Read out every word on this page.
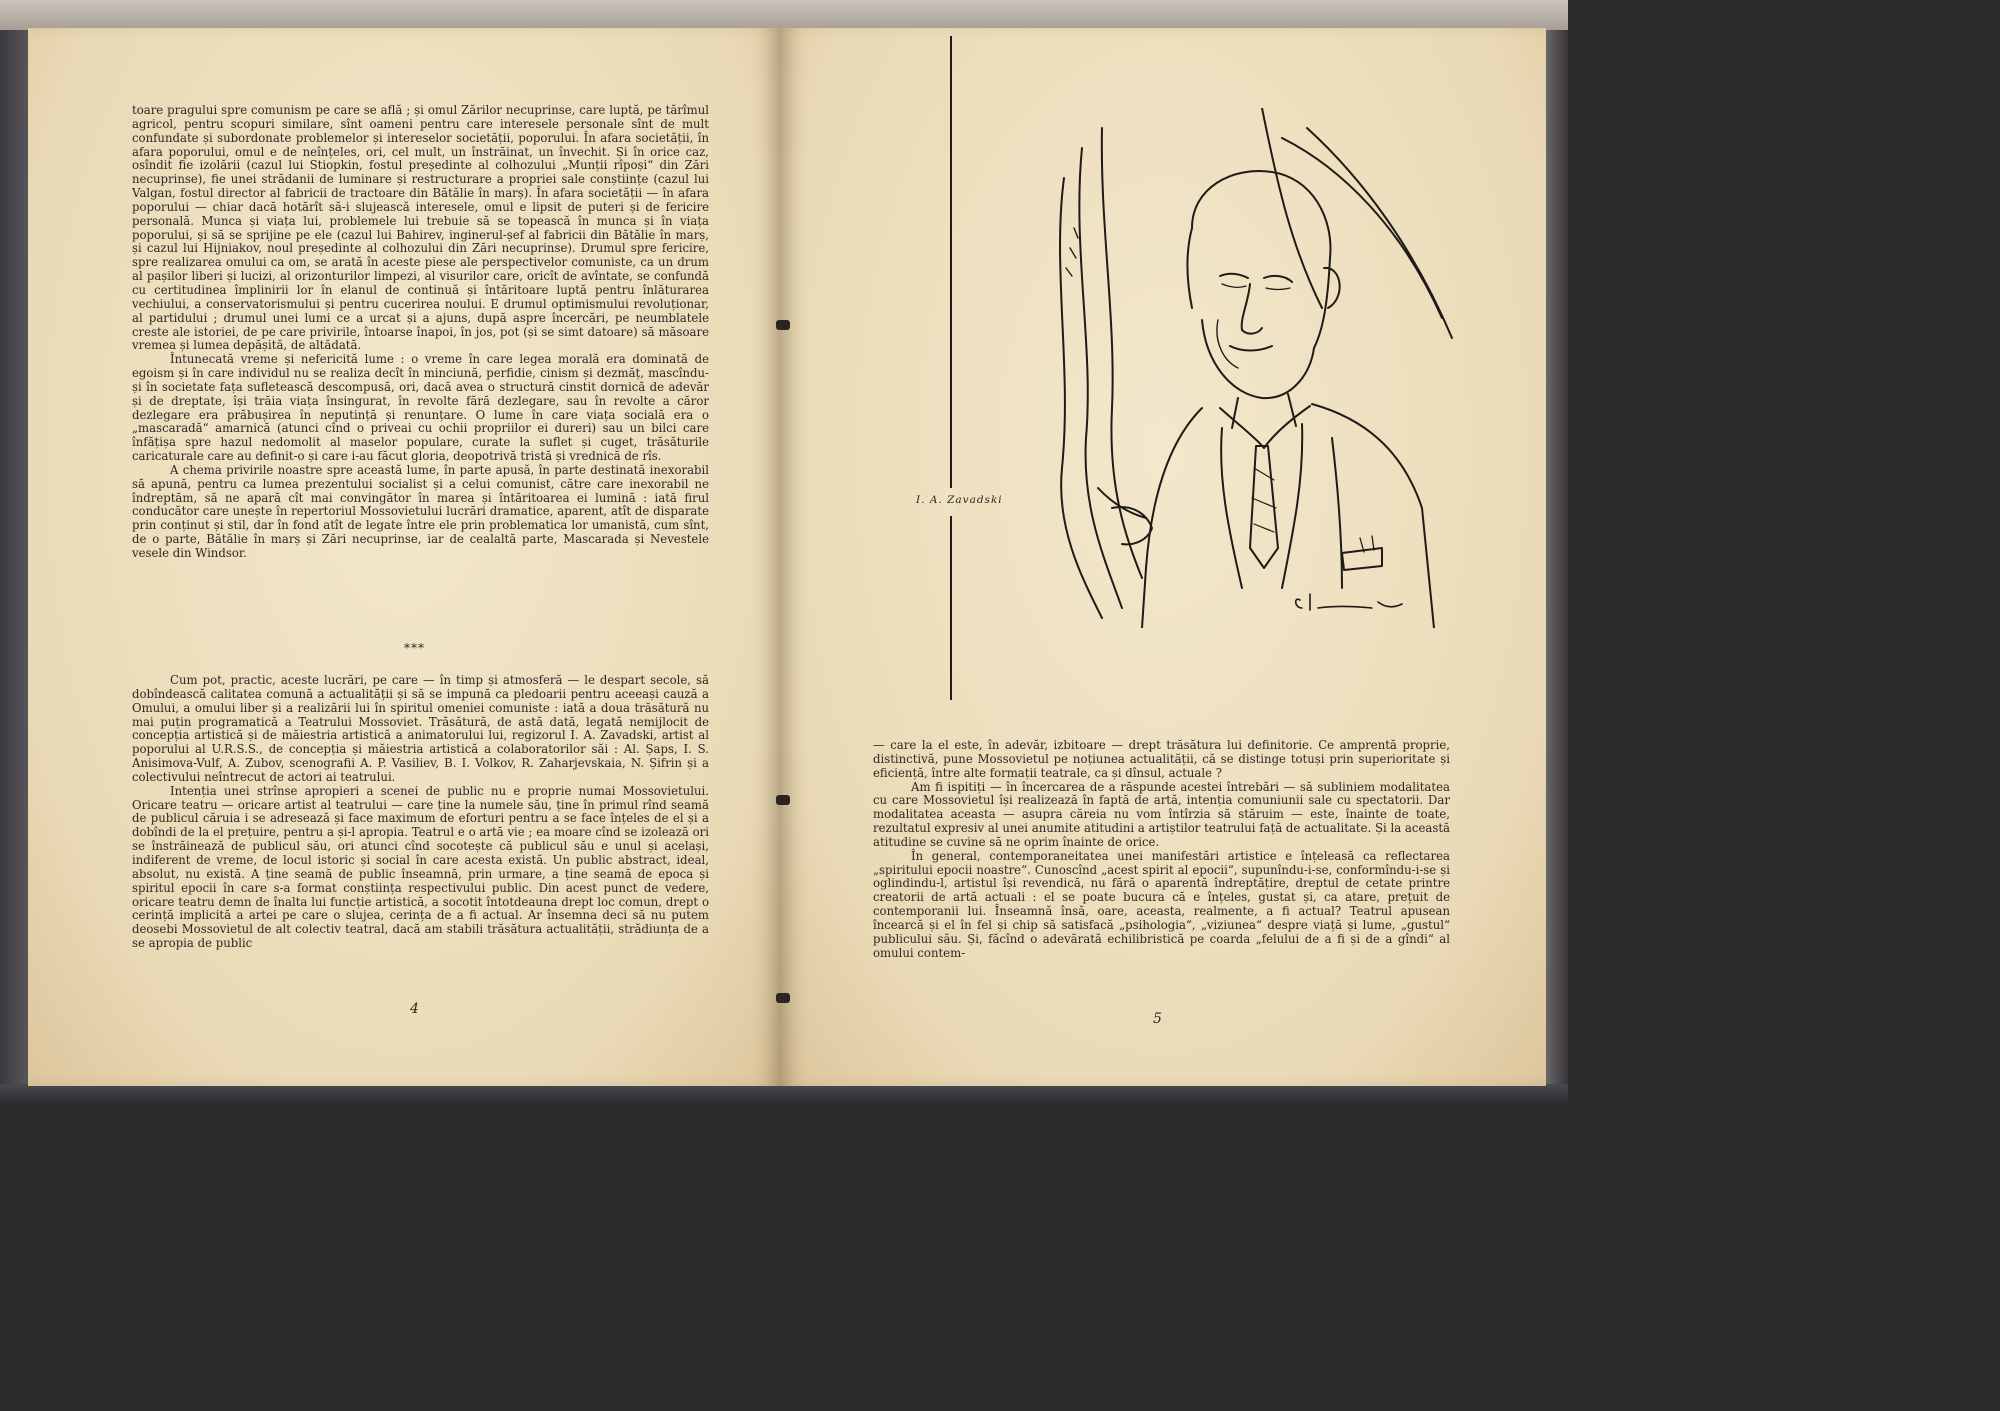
toare pragului spre comunism pe care se află ; și omul Zărilor necuprinse, care luptă, pe tărîmul agricol, pentru scopuri similare, sînt oameni pentru care interesele personale sînt de mult confundate și subordonate problemelor și intereselor societății, poporului. În afara societății, în afara poporului, omul e de neînțeles, ori, cel mult, un înstrăinat, un învechit. Și în orice caz, osîndit fie izolării (cazul lui Stiopkin, fostul președinte al colhozului „Munții rîpoși“ din Zări necuprinse), fie unei strădanii de luminare și restructurare a propriei sale conștiințe (cazul lui Valgan, fostul director al fabricii de tractoare din Bătălie în marș). În afara societății — în afara poporului — chiar dacă hotărît să-i slujească interesele, omul e lipsit de puteri și de fericire personală. Munca și viața lui, problemele lui trebuie să se topească în munca și în viața poporului, și să se sprijine pe ele (cazul lui Bahirev, inginerul-șef al fabricii din Bătălie în marș, și cazul lui Hijniakov, noul președinte al colhozului din Zări necuprinse). Drumul spre fericire, spre realizarea omului ca om, se arată în aceste piese ale perspectivelor comuniste, ca un drum al pașilor liberi și lucizi, al orizonturilor limpezi, al visurilor care, oricît de avîntate, se confundă cu certitudinea împlinirii lor în elanul de continuă și întăritoare luptă pentru înlăturarea vechiului, a conservatorismului și pentru cucerirea noului. E drumul optimismului revoluționar, al partidului ; drumul unei lumi ce a urcat și a ajuns, după aspre încercări, pe neumblatele creste ale istoriei, de pe care privirile, întoarse înapoi, în jos, pot (și se simt datoare) să măsoare vremea și lumea depășită, de altădată.

Întunecată vreme și nefericită lume : o vreme în care legea morală era dominată de egoism și în care individul nu se realiza decît în minciună, perfidie, cinism și dezmăț, mascîndu-și în societate fața sufletească descompusă, ori, dacă avea o structură cinstit dornică de adevăr și de dreptate, își trăia viața însingurat, în revolte fără dezlegare, sau în revolte a căror dezlegare era prăbușirea în neputință și renunțare. O lume în care viața socială era o „mascaradă“ amarnică (atunci cînd o priveai cu ochii propriilor ei dureri) sau un bilci care înfățișa spre hazul nedomolit al maselor populare, curate la suflet și cuget, trăsăturile caricaturale care au definit-o și care i-au făcut gloria, deopotrivă tristă și vrednică de rîs.

A chema privirile noastre spre această lume, în parte apusă, în parte destinată inexorabil să apună, pentru ca lumea prezentului socialist și a celui comunist, către care inexorabil ne îndreptăm, să ne apară cît mai convingător în marea și întăritoarea ei lumină : iată firul conducător care unește în repertoriul Mossovietului lucrări dramatice, aparent, atît de disparate prin conținut și stil, dar în fond atît de legate între ele prin problematica lor umanistă, cum sînt, de o parte, Bătălie în marș și Zări necuprinse, iar de cealaltă parte, Mascarada și Nevestele vesele din Windsor.

***

Cum pot, practic, aceste lucrări, pe care — în timp și atmosferă — le despart secole, să dobîndească calitatea comună a actualității și să se impună ca pledoarii pentru aceeași cauză a Omului, a omului liber și a realizării lui în spiritul omeniei comuniste : iată a doua trăsătură nu mai puțin programatică a Teatrului Mossoviet. Trăsătură, de astă dată, legată nemijlocit de concepția artistică și de măiestria artistică a animatorului lui, regizorul I. A. Zavadski, artist al poporului al U.R.S.S., de concepția și măiestria artistică a colaboratorilor săi : Al. Șaps, I. S. Anisimova-Vulf, A. Zubov, scenografii A. P. Vasiliev, B. I. Volkov, R. Zaharjevskaia, N. Șifrin și a colectivului neîntrecut de actori ai teatrului.

Intenția unei strînse apropieri a scenei de public nu e proprie numai Mossovietului. Oricare teatru — oricare artist al teatrului — care ține la numele său, ține în primul rînd seamă de publicul căruia i se adresează și face maximum de eforturi pentru a se face înțeles de el și a dobîndi de la el prețuire, pentru a și-l apropia. Teatrul e o artă vie ; ea moare cînd se izolează ori se înstrăinează de publicul său, ori atunci cînd socotește că publicul său e unul și același, indiferent de vreme, de locul istoric și social în care acesta există. Un public abstract, ideal, absolut, nu există. A ține seamă de public înseamnă, prin urmare, a ține seamă de epoca și spiritul epocii în care s-a format conștiința respectivului public. Din acest punct de vedere, oricare teatru demn de înalta lui funcție artistică, a socotit întotdeauna drept loc comun, drept o cerință implicită a artei pe care o slujea, cerința de a fi actual. Ar însemna deci să nu putem deosebi Mossovietul de alt colectiv teatral, dacă am stabili trăsătura actualității, strădiunța de a se apropia de public

4
I. A. Zavadski

— care la el este, în adevăr, izbitoare — drept trăsătura lui definitorie. Ce amprentă proprie, distinctivă, pune Mossovietul pe noțiunea actualității, că se distinge totuși prin superioritate și eficiență, între alte formații teatrale, ca și dînsul, actuale ?

Am fi ispitiți — în încercarea de a răspunde acestei întrebări — să subliniem modalitatea cu care Mossovietul își realizează în faptă de artă, intenția comuniunii sale cu spectatorii. Dar modalitatea aceasta — asupra căreia nu vom întîrzia să stăruim — este, înainte de toate, rezultatul expresiv al unei anumite atitudini a artiștilor teatrului față de actualitate. Și la această atitudine se cuvine să ne oprim înainte de orice.

În general, contemporaneitatea unei manifestări artistice e înțeleasă ca reflectarea „spiritului epocii noastre“. Cunoscînd „acest spirit al epocii“, supunîndu-i-se, conformîndu-i-se și oglindindu-l, artistul își revendică, nu fără o aparentă îndreptățire, dreptul de cetate printre creatorii de artă actuali : el se poate bucura că e înțeles, gustat și, ca atare, prețuit de contemporanii lui. Înseamnă însă, oare, aceasta, realmente, a fi actual? Teatrul apusean încearcă și el în fel și chip să satisfacă „psihologia“, „viziunea“ despre viață și lume, „gustul“ publicului său. Și, făcînd o adevărată echilibristică pe coarda „felului de a fi și de a gîndi“ al omului contem-

5
